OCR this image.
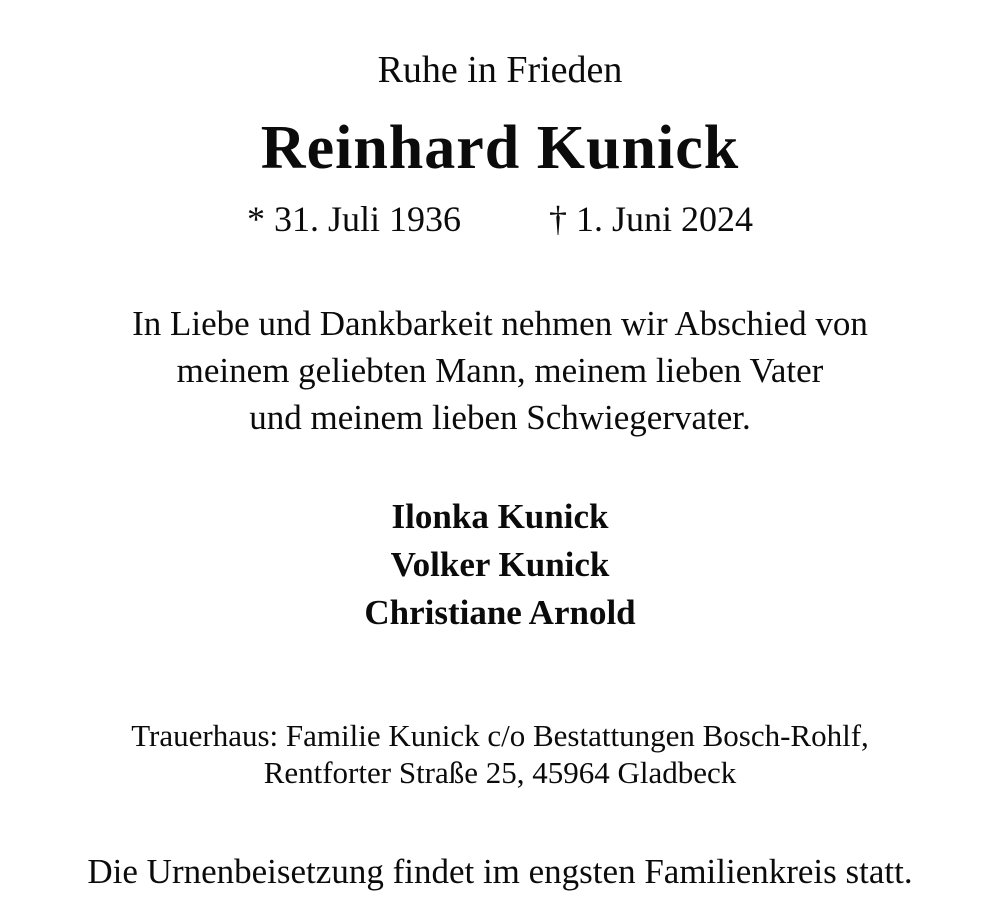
Ruhe in Frieden
Reinhard Kunick
* 31. Juli 1936 † 1. Juni 2024
In Liebe und Dankbarkeit nehmen wir Abschied von
meinem geliebten Mann, meinem lieben Vater
und meinem lieben Schwiegervater.
Ilonka Kunick
Volker Kunick
Christiane Arnold
Trauerhaus: Familie Kunick c/o Bestattungen Bosch-Rohlf,
Rentforter Straße 25, 45964 Gladbeck
Die Urnenbeisetzung findet im engsten Familienkreis statt.
